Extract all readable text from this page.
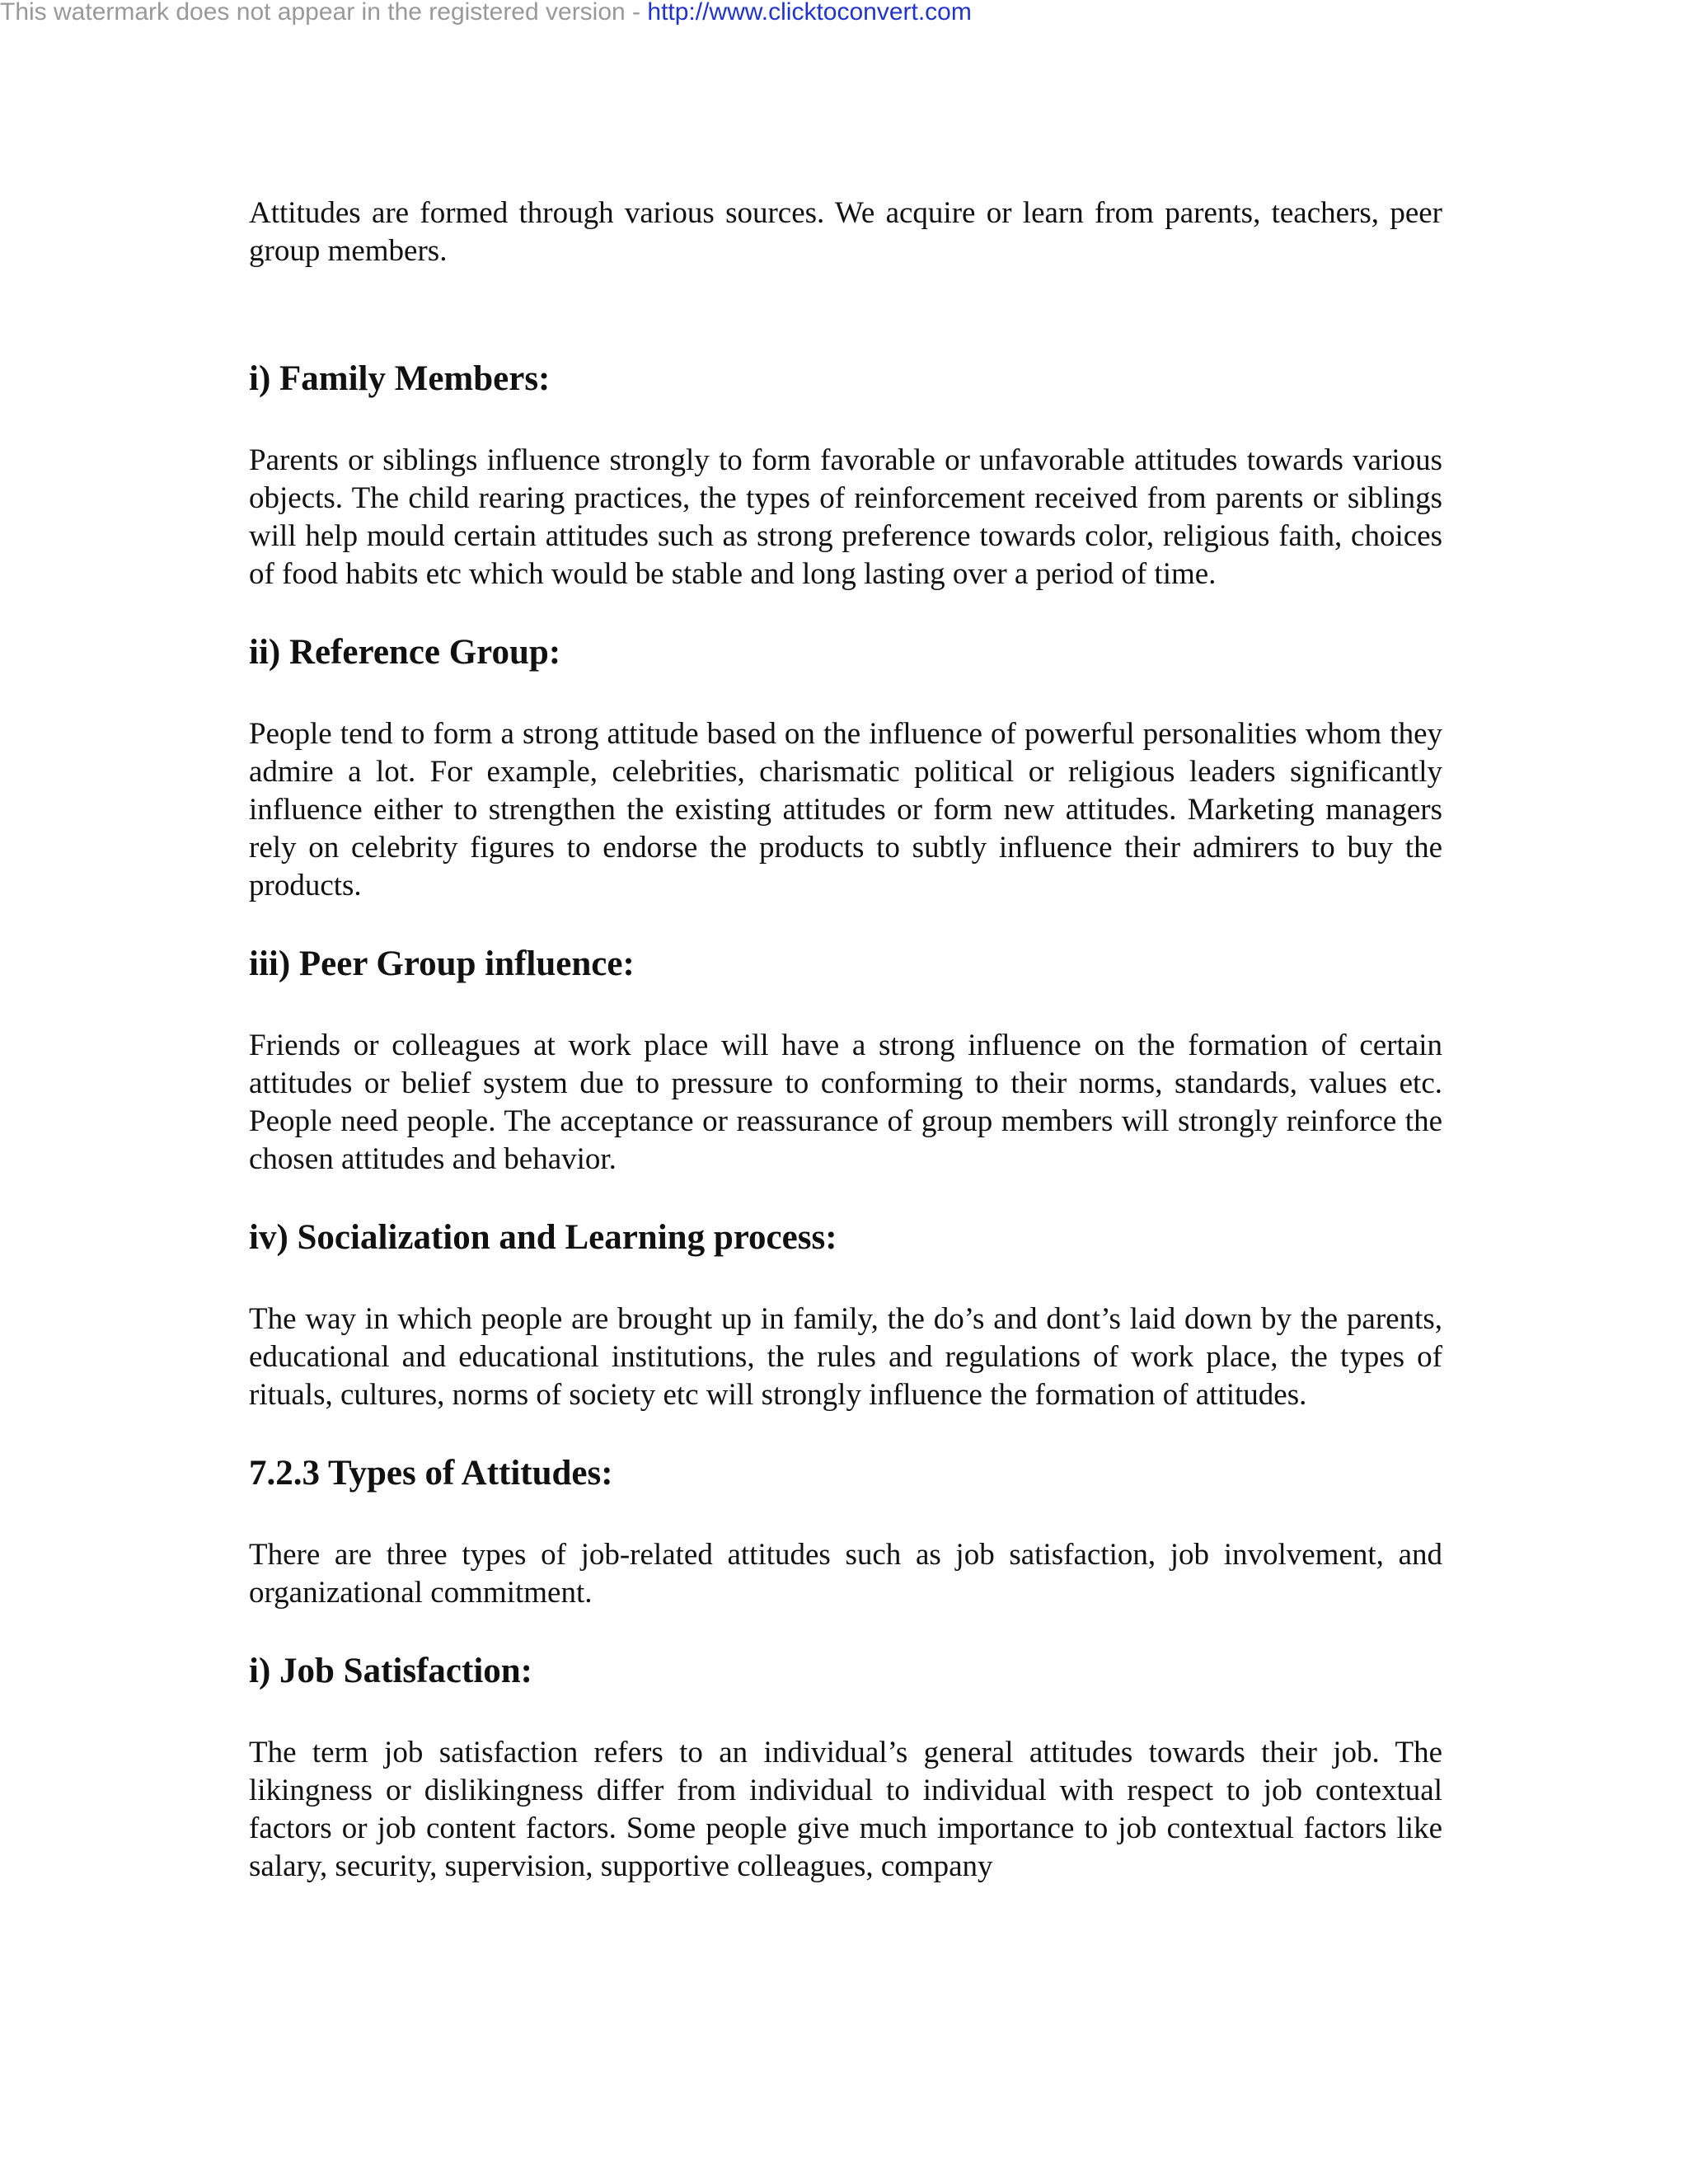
This watermark does not appear in the registered version - http://www.clicktoconvert.com

Attitudes are formed through various sources. We acquire or learn from parents, teachers, peer group members.

i) Family Members:

Parents or siblings influence strongly to form favorable or unfavorable attitudes towards various objects. The child rearing practices, the types of reinforcement received from parents or siblings will help mould certain attitudes such as strong preference towards color, religious faith, choices of food habits etc which would be stable and long lasting over a period of time.

ii) Reference Group:

People tend to form a strong attitude based on the influence of powerful personalities whom they admire a lot. For example, celebrities, charismatic political or religious leaders significantly influence either to strengthen the existing attitudes or form new attitudes. Marketing managers rely on celebrity figures to endorse the products to subtly influence their admirers to buy the products.

iii) Peer Group influence:

Friends or colleagues at work place will have a strong influence on the formation of certain attitudes or belief system due to pressure to conforming to their norms, standards, values etc. People need people. The acceptance or reassurance of group members will strongly reinforce the chosen attitudes and behavior.

iv) Socialization and Learning process:

The way in which people are brought up in family, the do’s and dont’s laid down by the parents, educational and educational institutions, the rules and regulations of work place, the types of rituals, cultures, norms of society etc will strongly influence the formation of attitudes.

7.2.3 Types of Attitudes:

There are three types of job-related attitudes such as job satisfaction, job involvement, and organizational commitment.

i) Job Satisfaction:

The term job satisfaction refers to an individual’s general attitudes towards their job. The likingness or dislikingness differ from individual to individual with respect to job contextual factors or job content factors. Some people give much importance to job contextual factors like salary, security, supervision, supportive colleagues, company
